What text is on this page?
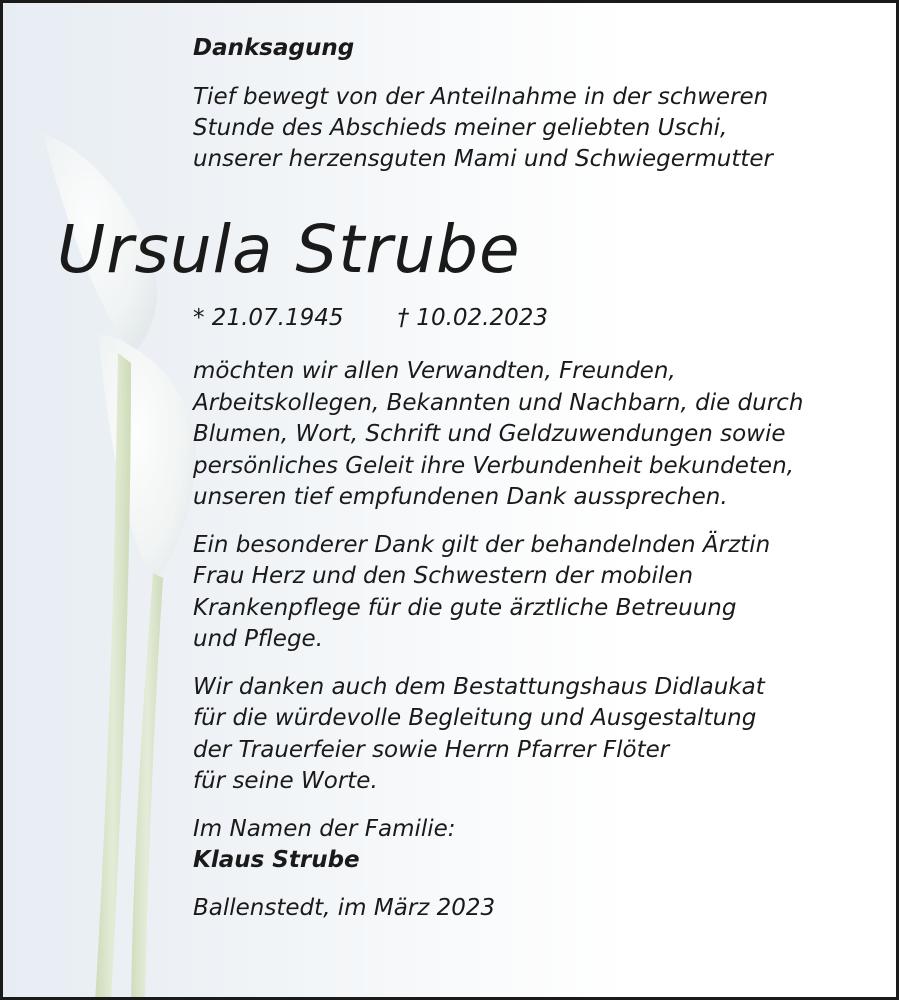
Danksagung
Tief bewegt von der Anteilnahme in der schweren
Stunde des Abschieds meiner geliebten Uschi,
unserer herzensguten Mami und Schwiegermutter
Ursula Strube
* 21.07.1945 † 10.02.2023
möchten wir allen Verwandten, Freunden,
Arbeitskollegen, Bekannten und Nachbarn, die durch
Blumen, Wort, Schrift und Geldzuwendungen sowie
persönliches Geleit ihre Verbundenheit bekundeten,
unseren tief empfundenen Dank aussprechen.
Ein besonderer Dank gilt der behandelnden Ärztin
Frau Herz und den Schwestern der mobilen
Krankenpflege für die gute ärztliche Betreuung
und Pflege.
Wir danken auch dem Bestattungshaus Didlaukat
für die würdevolle Begleitung und Ausgestaltung
der Trauerfeier sowie Herrn Pfarrer Flöter
für seine Worte.
Im Namen der Familie:
Klaus Strube
Ballenstedt, im März 2023
